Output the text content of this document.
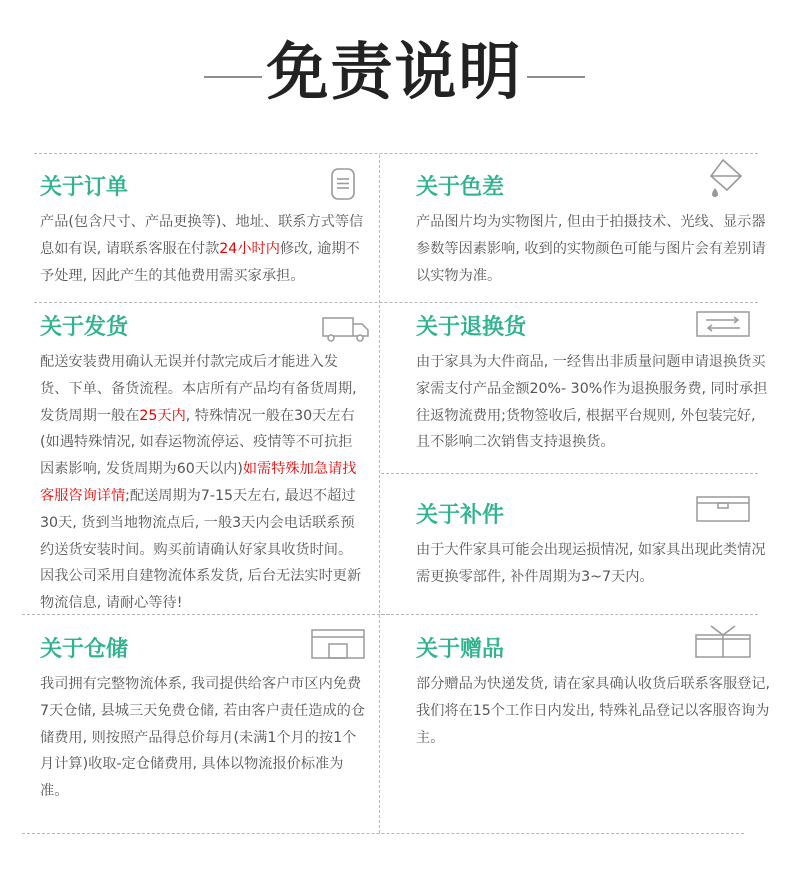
免责说明
关于订单
产品(包含尺寸、产品更换等)、地址、联系方式等信息如有误, 请联系客服在付款24小时内修改, 逾期不予处理, 因此产生的其他费用需买家承担。
关于色差
产品图片均为实物图片, 但由于拍摄技术、光线、显示器参数等因素影响, 收到的实物颜色可能与图片会有差别请以实物为准。
关于发货
配送安装费用确认无误并付款完成后才能进入发货、下单、备货流程。本店所有产品均有备货周期, 发货周期一般在25天内, 特殊情况一般在30天左右(如遇特殊情况, 如春运物流停运、疫情等不可抗拒因素影响, 发货周期为60天以内)如需特殊加急请找客服咨询详情;配送周期为7-15天左右, 最迟不超过30天, 货到当地物流点后, 一般3天内会电话联系预约送货安装时间。购买前请确认好家具收货时间。因我公司采用自建物流体系发货, 后台无法实时更新物流信息, 请耐心等待!
关于退换货
由于家具为大件商品, 一经售出非质量问题申请退换货买家需支付产品金额20%- 30%作为退换服务费, 同时承担往返物流费用;货物签收后, 根据平台规则, 外包装完好, 且不影响二次销售支持退换货。
关于补件
由于大件家具可能会出现运损情况, 如家具出现此类情况需更换零部件, 补件周期为3~7天内。
关于仓储
我司拥有完整物流体系, 我司提供给客户市区内免费7天仓储, 县城三天免费仓储, 若由客户责任造成的仓储费用, 则按照产品得总价每月(未满1个月的按1个月计算)收取-定仓储费用, 具体以物流报价标准为准。
关于赠品
部分赠品为快递发货, 请在家具确认收货后联系客服登记, 我们将在15个工作日内发出, 特殊礼品登记以客服咨询为主。
